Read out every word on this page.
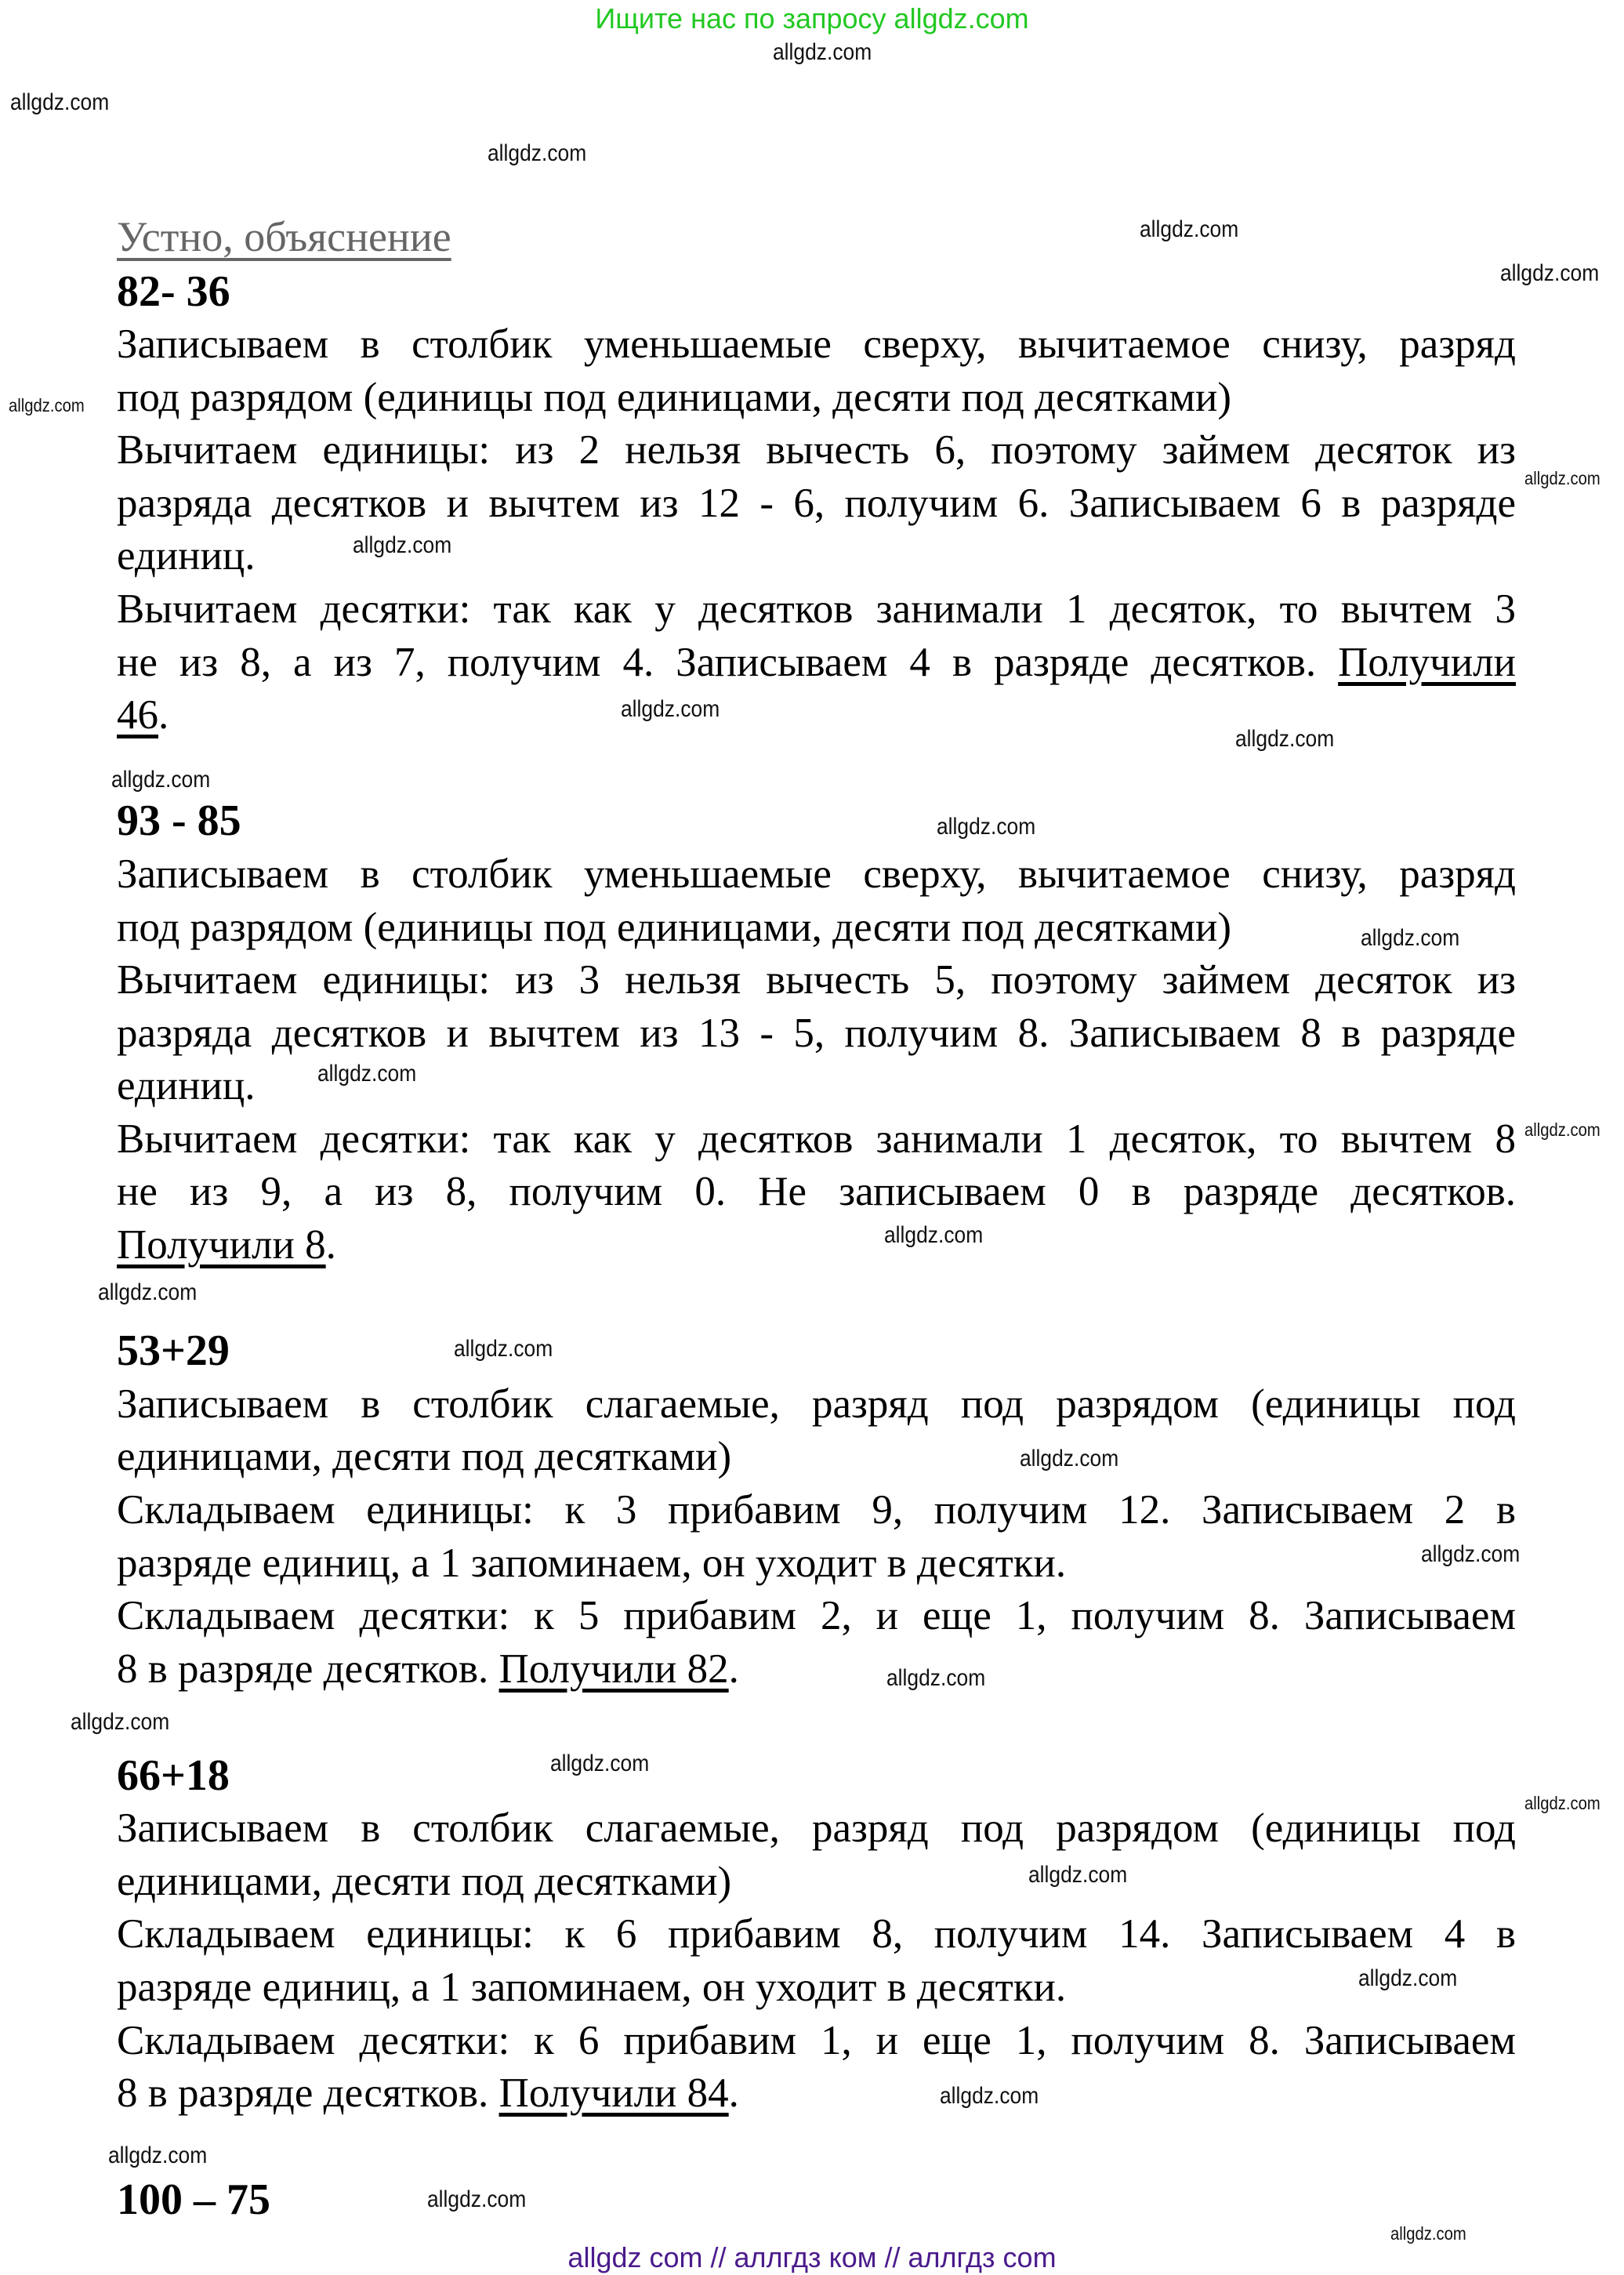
Ищите нас по запросу allgdz.com
Устно, объяснение
82- 36
Записываем в столбик уменьшаемые сверху, вычитаемое снизу, разряд
под разрядом (единицы под единицами, десяти под десятками)
Вычитаем единицы: из 2 нельзя вычесть 6, поэтому займем десяток из
разряда десятков и вычтем из 12 - 6, получим 6. Записываем 6 в разряде
единиц.
Вычитаем десятки: так как у десятков занимали 1 десяток, то вычтем 3
не из 8, а из 7, получим 4. Записываем 4 в разряде десятков. Получили
46.
93 - 85
Записываем в столбик уменьшаемые сверху, вычитаемое снизу, разряд
под разрядом (единицы под единицами, десяти под десятками)
Вычитаем единицы: из 3 нельзя вычесть 5, поэтому займем десяток из
разряда десятков и вычтем из 13 - 5, получим 8. Записываем 8 в разряде
единиц.
Вычитаем десятки: так как у десятков занимали 1 десяток, то вычтем 8
не из 9, а из 8, получим 0. Не записываем 0 в разряде десятков.
Получили 8.
53+29
Записываем в столбик слагаемые, разряд под разрядом (единицы под
единицами, десяти под десятками)
Складываем единицы: к 3 прибавим 9, получим 12. Записываем 2 в
разряде единиц, а 1 запоминаем, он уходит в десятки.
Складываем десятки: к 5 прибавим 2, и еще 1, получим 8. Записываем
8 в разряде десятков. Получили 82.
66+18
Записываем в столбик слагаемые, разряд под разрядом (единицы под
единицами, десяти под десятками)
Складываем единицы: к 6 прибавим 8, получим 14. Записываем 4 в
разряде единиц, а 1 запоминаем, он уходит в десятки.
Складываем десятки: к 6 прибавим 1, и еще 1, получим 8. Записываем
8 в разряде десятков. Получили 84.
100 – 75
allgdz.com
allgdz.com
allgdz.com
allgdz.com
allgdz.com
allgdz.com
allgdz.com
allgdz.com
allgdz.com
allgdz.com
allgdz.com
allgdz.com
allgdz.com
allgdz.com
allgdz.com
allgdz.com
allgdz.com
allgdz.com
allgdz.com
allgdz.com
allgdz.com
allgdz.com
allgdz.com
allgdz.com
allgdz.com
allgdz.com
allgdz.com
allgdz.com
allgdz.com
allgdz.com
allgdz com // аллгдз ком // аллгдз com
